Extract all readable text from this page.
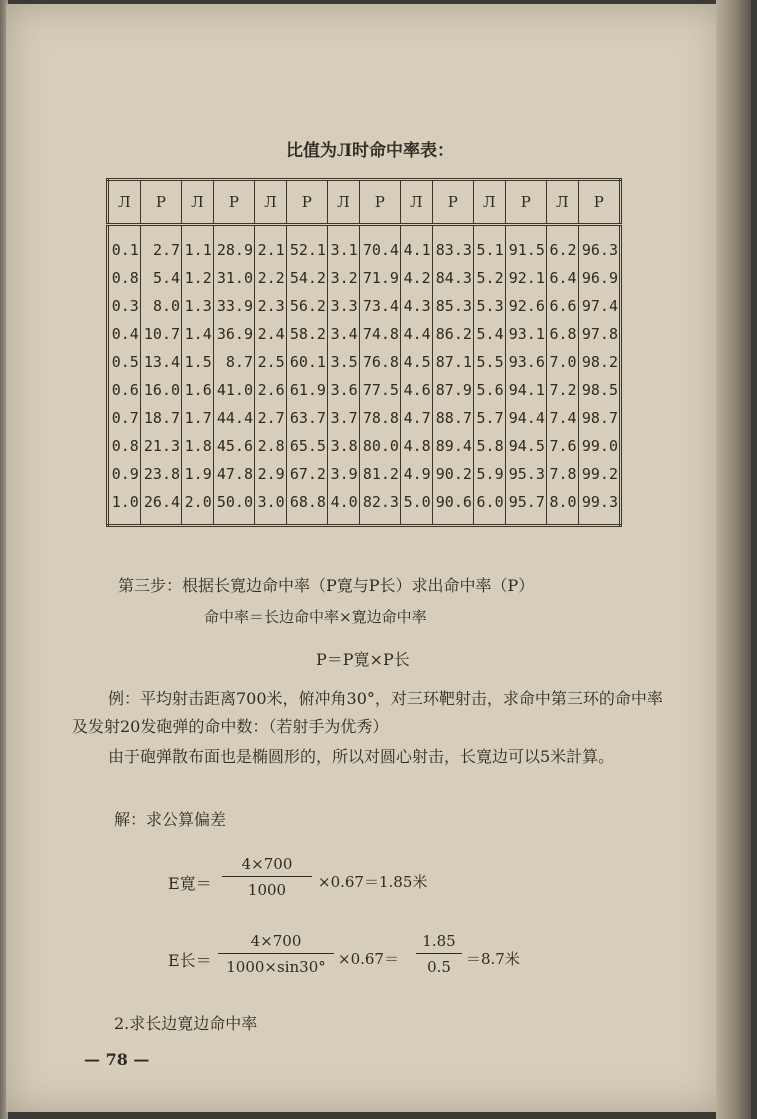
比值为Л时命中率表：
Л	P	Л	P	Л	P	Л	P	Л	P	Л	P	Л	P
0.1	2.7	1.1	28.9	2.1	52.1	3.1	70.4	4.1	83.3	5.1	91.5	6.2	96.3
0.8	5.4	1.2	31.0	2.2	54.2	3.2	71.9	4.2	84.3	5.2	92.1	6.4	96.9
0.3	8.0	1.3	33.9	2.3	56.2	3.3	73.4	4.3	85.3	5.3	92.6	6.6	97.4
0.4	10.7	1.4	36.9	2.4	58.2	3.4	74.8	4.4	86.2	5.4	93.1	6.8	97.8
0.5	13.4	1.5	8.7	2.5	60.1	3.5	76.8	4.5	87.1	5.5	93.6	7.0	98.2
0.6	16.0	1.6	41.0	2.6	61.9	3.6	77.5	4.6	87.9	5.6	94.1	7.2	98.5
0.7	18.7	1.7	44.4	2.7	63.7	3.7	78.8	4.7	88.7	5.7	94.4	7.4	98.7
0.8	21.3	1.8	45.6	2.8	65.5	3.8	80.0	4.8	89.4	5.8	94.5	7.6	99.0
0.9	23.8	1.9	47.8	2.9	67.2	3.9	81.2	4.9	90.2	5.9	95.3	7.8	99.2
1.0	26.4	2.0	50.0	3.0	68.8	4.0	82.3	5.0	90.6	6.0	95.7	8.0	99.3
第三步：根据长寛边命中率（P寛与P长）求出命中率（P）
命中率＝长边命中率×寛边命中率
P＝P寛×P长
例：平均射击距离700米，俯冲角30°，对三环靶射击，求命中第三环的命中率及发射20发砲弹的命中数：（若射手为优秀）
由于砲弹散布面也是椭圆形的，所以对圆心射击，长寛边可以5米計算。
解：求公算偏差
E寛＝ $\frac{4\times 700}{1000} \times 0.67=1.85$米
E长＝ $\frac{4\times 700}{1000\times\sin 30^\circ} \times 0.67= \frac{1.85}{0.5} =8.7$米
2.求长边寛边命中率
— 78 —
